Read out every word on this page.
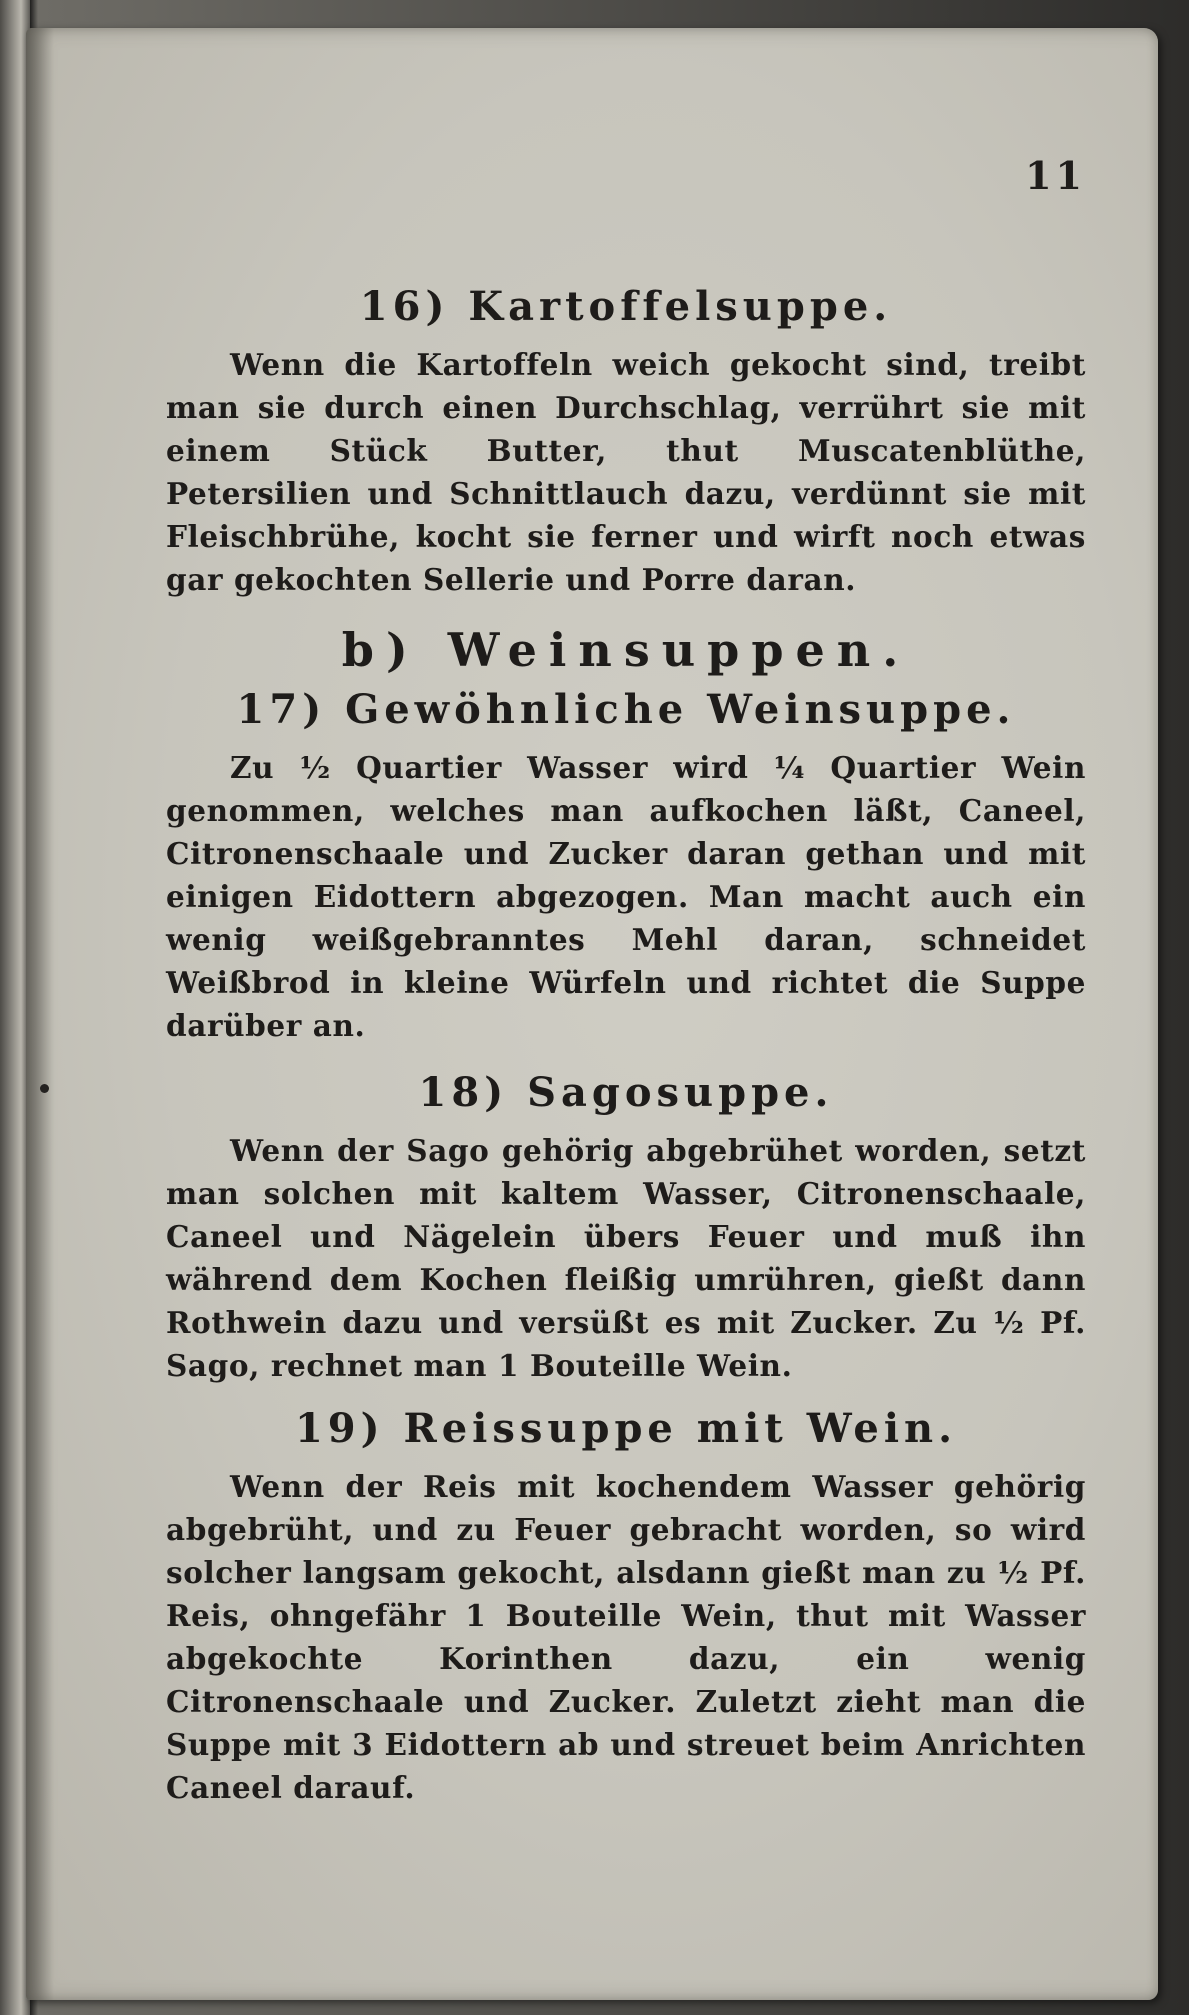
11
16) Kartoffelsuppe.

Wenn die Kartoffeln weich gekocht sind, treibt man sie durch einen Durchschlag, verrührt sie mit einem Stück Butter, thut Muscatenblüthe, Petersilien und Schnittlauch dazu, verdünnt sie mit Fleischbrühe, kocht sie ferner und wirft noch etwas gar gekochten Sellerie und Porre daran.

b) Weinsuppen.
17) Gewöhnliche Weinsuppe.

Zu ½ Quartier Wasser wird ¼ Quartier Wein genommen, welches man aufkochen läßt, Caneel, Citronenschaale und Zucker daran gethan und mit einigen Eidottern abgezogen. Man macht auch ein wenig weißgebranntes Mehl daran, schneidet Weißbrod in kleine Würfeln und richtet die Suppe darüber an.

18) Sagosuppe.

Wenn der Sago gehörig abgebrühet worden, setzt man solchen mit kaltem Wasser, Citronenschaale, Caneel und Nägelein übers Feuer und muß ihn während dem Kochen fleißig umrühren, gießt dann Rothwein dazu und versüßt es mit Zucker. Zu ½ Pf. Sago, rechnet man 1 Bouteille Wein.

19) Reissuppe mit Wein.

Wenn der Reis mit kochendem Wasser gehörig abgebrüht, und zu Feuer gebracht worden, so wird solcher langsam gekocht, alsdann gießt man zu ½ Pf. Reis, ohngefähr 1 Bouteille Wein, thut mit Wasser abgekochte Korinthen dazu, ein wenig Citronenschaale und Zucker. Zuletzt zieht man die Suppe mit 3 Eidottern ab und streuet beim Anrichten Caneel darauf.
